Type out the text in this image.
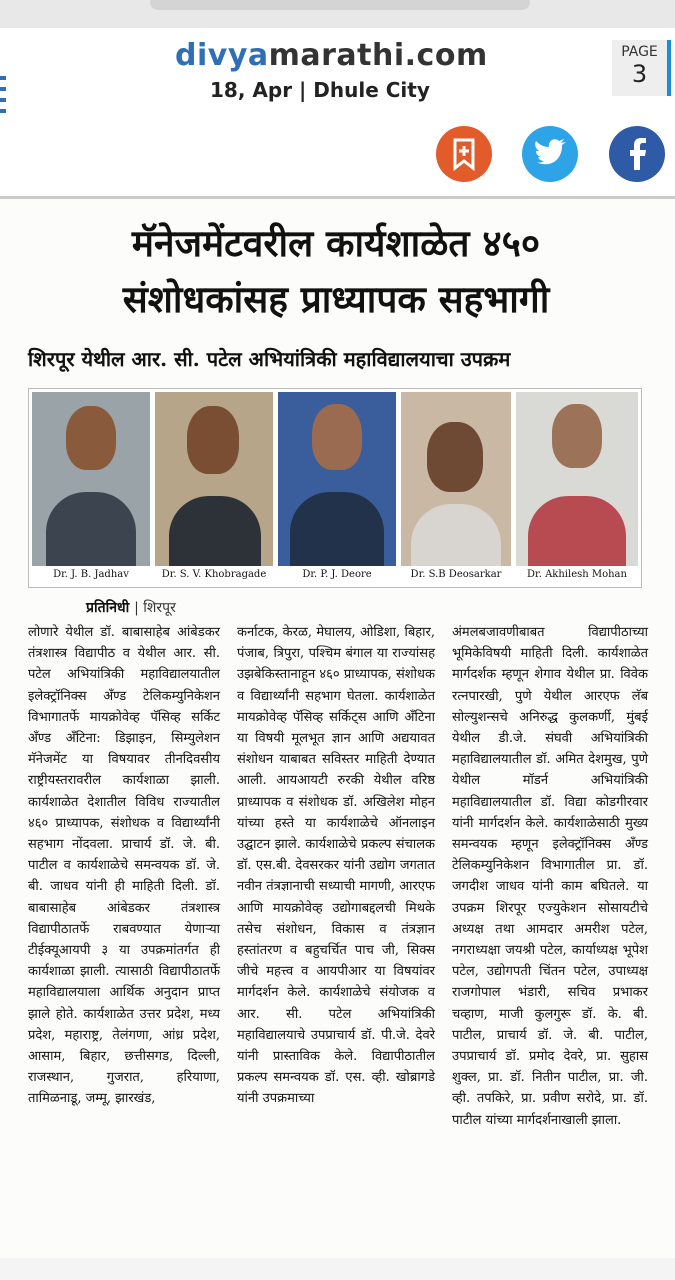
divyamarathi.com
18, Apr | Dhule City
PAGE
3
मॅनेजमेंटवरील कार्यशाळेत ४५०
संशोधकांसह प्राध्यापक सहभागी
शिरपूर येथील आर. सी. पटेल अभियांत्रिकी महाविद्यालयाचा उपक्रम
Dr. J. B. Jadhav	Dr. S. V. Khobragade	Dr. P. J. Deore	Dr. S.B Deosarkar	Dr. Akhilesh Mohan
प्रतिनिधी | शिरपूर
लोणारे येथील डॉ. बाबासाहेब आंबेडकर तंत्रशास्त्र विद्यापीठ व येथील आर. सी. पटेल अभियांत्रिकी महाविद्यालयातील इलेक्ट्रॉनिक्स अँण्ड टेलिकम्युनिकेशन विभागातर्फे मायक्रोवेव्ह पॅसिव्ह सर्किट अँण्ड अँटिना: डिझाइन, सिम्युलेशन मॅनेजमेंट या विषयावर तीनदिवसीय राष्ट्रीयस्तरावरील कार्यशाळा झाली. कार्यशाळेत देशातील विविध राज्यातील ४६० प्राध्यापक, संशोधक व विद्यार्थ्यांनी सहभाग नोंदवला. प्राचार्य डॉ. जे. बी. पाटील व कार्यशाळेचे समन्वयक डॉ. जे. बी. जाधव यांनी ही माहिती दिली. डॉ. बाबासाहेब आंबेडकर तंत्रशास्त्र विद्यापीठातर्फे राबवण्यात येणाऱ्या टीईक्यूआयपी ३ या उपक्रमांतर्गत ही कार्यशाळा झाली. त्यासाठी विद्यापीठातर्फे महाविद्यालयाला आर्थिक अनुदान प्राप्त झाले होते. कार्यशाळेत उत्तर प्रदेश, मध्य प्रदेश, महाराष्ट्र, तेलंगणा, आंध्र प्रदेश, आसाम, बिहार, छत्तीसगड, दिल्ली, राजस्थान, गुजरात, हरियाणा, तामिळनाडू, जम्मू, झारखंड,
कर्नाटक, केरळ, मेघालय, ओडिशा, बिहार, पंजाब, त्रिपुरा, पश्चिम बंगाल या राज्यांसह उझबेकिस्तानाहून ४६० प्राध्यापक, संशोधक व विद्यार्थ्यांनी सहभाग घेतला. कार्यशाळेत मायक्रोवेव्ह पॅसिव्ह सर्किट्स आणि अँटिना या विषयी मूलभूत ज्ञान आणि अद्ययावत संशोधन याबाबत सविस्तर माहिती देण्यात आली. आयआयटी रुरकी येथील वरिष्ठ प्राध्यापक व संशोधक डॉ. अखिलेश मोहन यांच्या हस्ते या कार्यशाळेचे ऑनलाइन उद्घाटन झाले. कार्यशाळेचे प्रकल्प संचालक डॉ. एस.बी. देवसरकर यांनी उद्योग जगतात नवीन तंत्रज्ञानाची सध्याची मागणी, आरएफ आणि मायक्रोवेव्ह उद्योगाबद्दलची मिथके तसेच संशोधन, विकास व तंत्रज्ञान हस्तांतरण व बहुचर्चित पाच जी, सिक्स जीचे महत्त्व व आयपीआर या विषयांवर मार्गदर्शन केले. कार्यशाळेचे संयोजक व आर. सी. पटेल अभियांत्रिकी महाविद्यालयाचे उपप्राचार्य डॉ. पी.जे. देवरे यांनी प्रास्ताविक केले. विद्यापीठातील प्रकल्प समन्वयक डॉ. एस. व्ही. खोब्रागडे यांनी उपक्रमाच्या
अंमलबजावणीबाबत विद्यापीठाच्या भूमिकेविषयी माहिती दिली. कार्यशाळेत मार्गदर्शक म्हणून शेगाव येथील प्रा. विवेक रत्नपारखी, पुणे येथील आरएफ लॅब सोल्युशन्सचे अनिरुद्ध कुलकर्णी, मुंबई येथील डी.जे. संघवी अभियांत्रिकी महाविद्यालयातील डॉ. अमित देशमुख, पुणे येथील मॉडर्न अभियांत्रिकी महाविद्यालयातील डॉ. विद्या कोडगीरवार यांनी मार्गदर्शन केले. कार्यशाळेसाठी मुख्य समन्वयक म्हणून इलेक्ट्रॉनिक्स अँण्ड टेलिकम्युनिकेशन विभागातील प्रा. डॉ. जगदीश जाधव यांनी काम बघितले. या उपक्रम शिरपूर एज्युकेशन सोसायटीचे अध्यक्ष तथा आमदार अमरीश पटेल, नगराध्यक्षा जयश्री पटेल, कार्याध्यक्ष भूपेश पटेल, उद्योगपती चिंतन पटेल, उपाध्यक्ष राजगोपाल भंडारी, सचिव प्रभाकर चव्हाण, माजी कुलगुरू डॉ. के. बी. पाटील, प्राचार्य डॉ. जे. बी. पाटील, उपप्राचार्य डॉ. प्रमोद देवरे, प्रा. सुहास शुक्ल, प्रा. डॉ. नितीन पाटील, प्रा. जी. व्ही. तपकिरे, प्रा. प्रवीण सरोदे, प्रा. डॉ. पाटील यांच्या मार्गदर्शनाखाली झाला.
